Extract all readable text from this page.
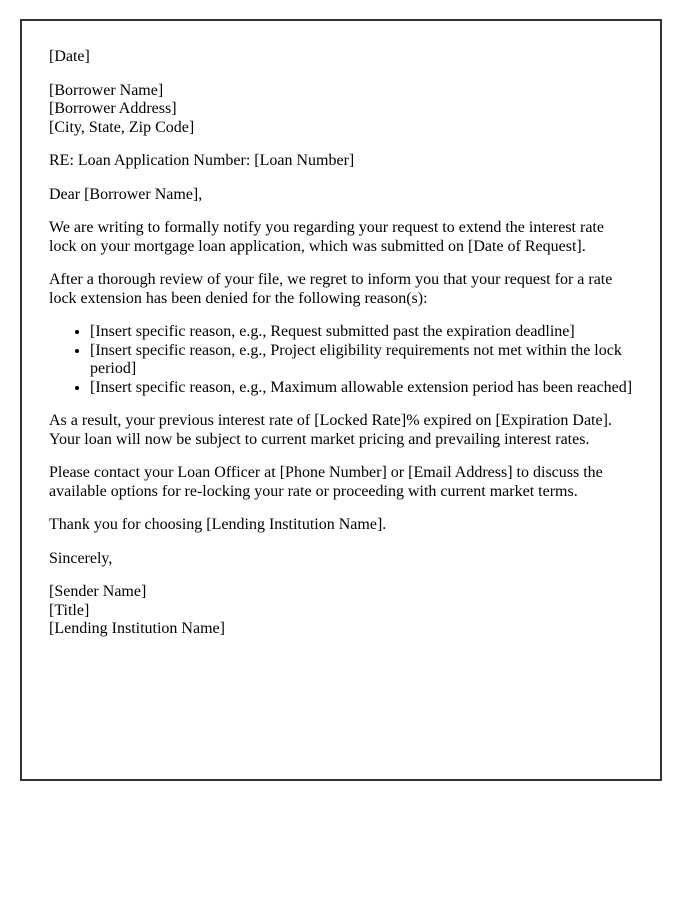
[Date]

[Borrower Name]
[Borrower Address]
[City, State, Zip Code]

RE: Loan Application Number: [Loan Number]

Dear [Borrower Name],

We are writing to formally notify you regarding your request to extend the interest rate lock on your mortgage loan application, which was submitted on [Date of Request].

After a thorough review of your file, we regret to inform you that your request for a rate lock extension has been denied for the following reason(s):

• [Insert specific reason, e.g., Request submitted past the expiration deadline]
• [Insert specific reason, e.g., Project eligibility requirements not met within the lock period]
• [Insert specific reason, e.g., Maximum allowable extension period has been reached]

As a result, your previous interest rate of [Locked Rate]% expired on [Expiration Date]. Your loan will now be subject to current market pricing and prevailing interest rates.

Please contact your Loan Officer at [Phone Number] or [Email Address] to discuss the available options for re-locking your rate or proceeding with current market terms.

Thank you for choosing [Lending Institution Name].

Sincerely,

[Sender Name]
[Title]
[Lending Institution Name]
